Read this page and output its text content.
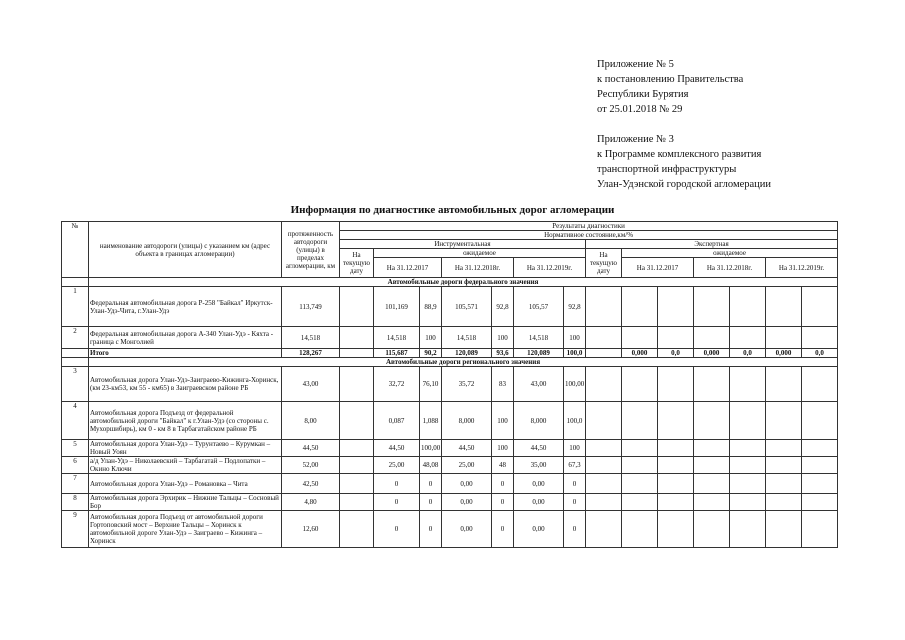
Приложение № 5
к постановлению Правительства
Республики Бурятия
от 25.01.2018 № 29
Приложение № 3
к Программе комплексного развития
транспортной инфраструктуры
Улан-Удэнской городской агломерации
Информация по диагностике автомобильных дорог агломерации
№	наименование автодороги (улицы) с указанием км (адрес объекта в границах агломерации)	протяженность автодороги (улицы) в пределах агломерации, км	Результаты диагностики													
			Нормативное состояние,км/%													
			Инструментальная							Экспертная						
			На текущую дату	ожидаемое						На текущую дату	ожидаемое					
				На 31.12.2017		На 31.12.2018г.		На 31.12.2019г.			На 31.12.2017		На 31.12.2018г.		На 31.12.2019г.	
	Автомобильные дороги федерального значения															
1	Федеральная автомобильная дорога Р-258 "Байкал" Иркутск-Улан-Удэ-Чита, г.Улан-Удэ	113,749		101,169	88,9	105,571	92,8	105,57	92,8							
2	Федеральная автомобильная дорога А-340 Улан-Удэ - Кяхта - граница с Монголией	14,518		14,518	100	14,518	100	14,518	100							
	Итого	128,267		115,687	90,2	120,089	93,6	120,089	100,0		0,000	0,0	0,000	0,0	0,000	0,0
	Автомобильные дороги регионального значения															
3	Автомобильная дорога Улан-Удэ-Заиграево-Кижинга-Хоринск, (км 23-км53, км 55 - км65) в Заиграевском районе РБ	43,00		32,72	76,10	35,72	83	43,00	100,00							
4	Автомобильная дорога Подъезд от федеральной автомобильной дороги "Байкал" к г.Улан-Удэ (со стороны с. Мухоршибирь), км 0 - км 8 в Тарбагатайском районе РБ	8,00		0,087	1,088	8,000	100	8,000	100,0							
5	Автомобильная дорога Улан-Удэ – Турунтаево – Курумкан – Новый Уоян	44,50		44,50	100,00	44,50	100	44,50	100							
6	а/д Улан-Удэ – Николаевский – Тарбагатай – Подлопатки – Окино Ключи	52,00		25,00	48,08	25,00	48	35,00	67,3							
7	Автомобильная дорога Улан-Удэ – Романовка – Чита	42,50		0	0	0,00	0	0,00	0							
8	Автомобильная дорога Эрхирик – Нижние Тальцы – Сосновый Бор	4,80		0	0	0,00	0	0,00	0							
9	Автомобильная дорога Подъезд от автомобильной дороги Гортоповский мост – Верхние Тальцы – Хоринск к автомобильной дороге Улан-Удэ – Заиграево – Кижинга – Хоринск	12,60		0	0	0,00	0	0,00	0							
